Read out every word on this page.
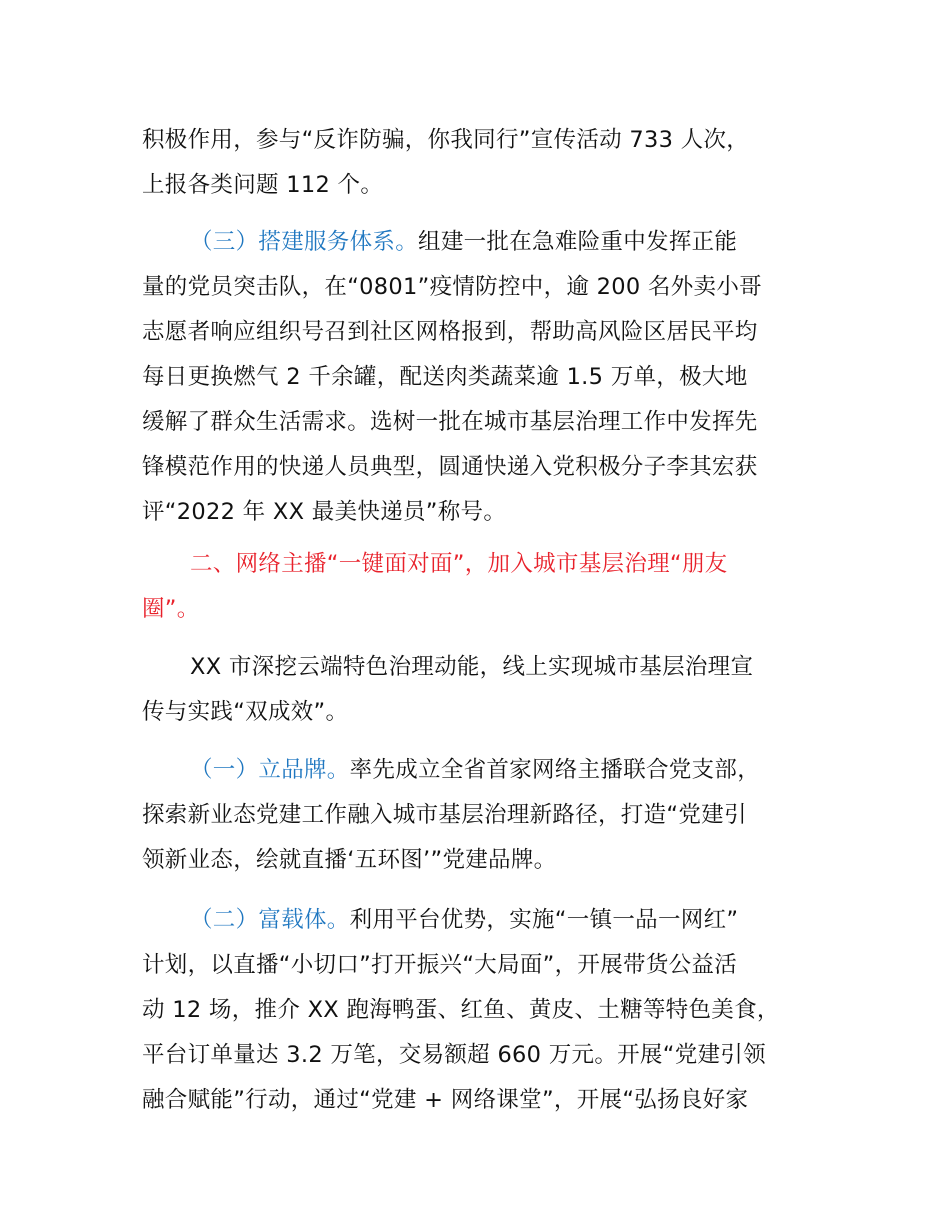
积极作用，参与“反诈防骗，你我同行”宣传活动 733 人次，
上报各类问题 112 个。
（三）搭建服务体系。组建一批在急难险重中发挥正能
量的党员突击队，在“0801”疫情防控中，逾 200 名外卖小哥
志愿者响应组织号召到社区网格报到，帮助高风险区居民平均
每日更换燃气 2 千余罐，配送肉类蔬菜逾 1.5 万单，极大地
缓解了群众生活需求。选树一批在城市基层治理工作中发挥先
锋模范作用的快递人员典型，圆通快递入党积极分子李其宏获
评“2022 年 XX 最美快递员”称号。
二、网络主播“一键面对面”，加入城市基层治理“朋友
圈”。
XX 市深挖云端特色治理动能，线上实现城市基层治理宣
传与实践“双成效”。
（一）立品牌。率先成立全省首家网络主播联合党支部，
探索新业态党建工作融入城市基层治理新路径，打造“党建引
领新业态，绘就直播‘五环图’”党建品牌。
（二）富载体。利用平台优势，实施“一镇一品一网红”
计划，以直播“小切口”打开振兴“大局面”，开展带货公益活
动 12 场，推介 XX 跑海鸭蛋、红鱼、黄皮、土糖等特色美食，
平台订单量达 3.2 万笔，交易额超 660 万元。开展“党建引领
融合赋能”行动，通过“党建 + 网络课堂”，开展“弘扬良好家
